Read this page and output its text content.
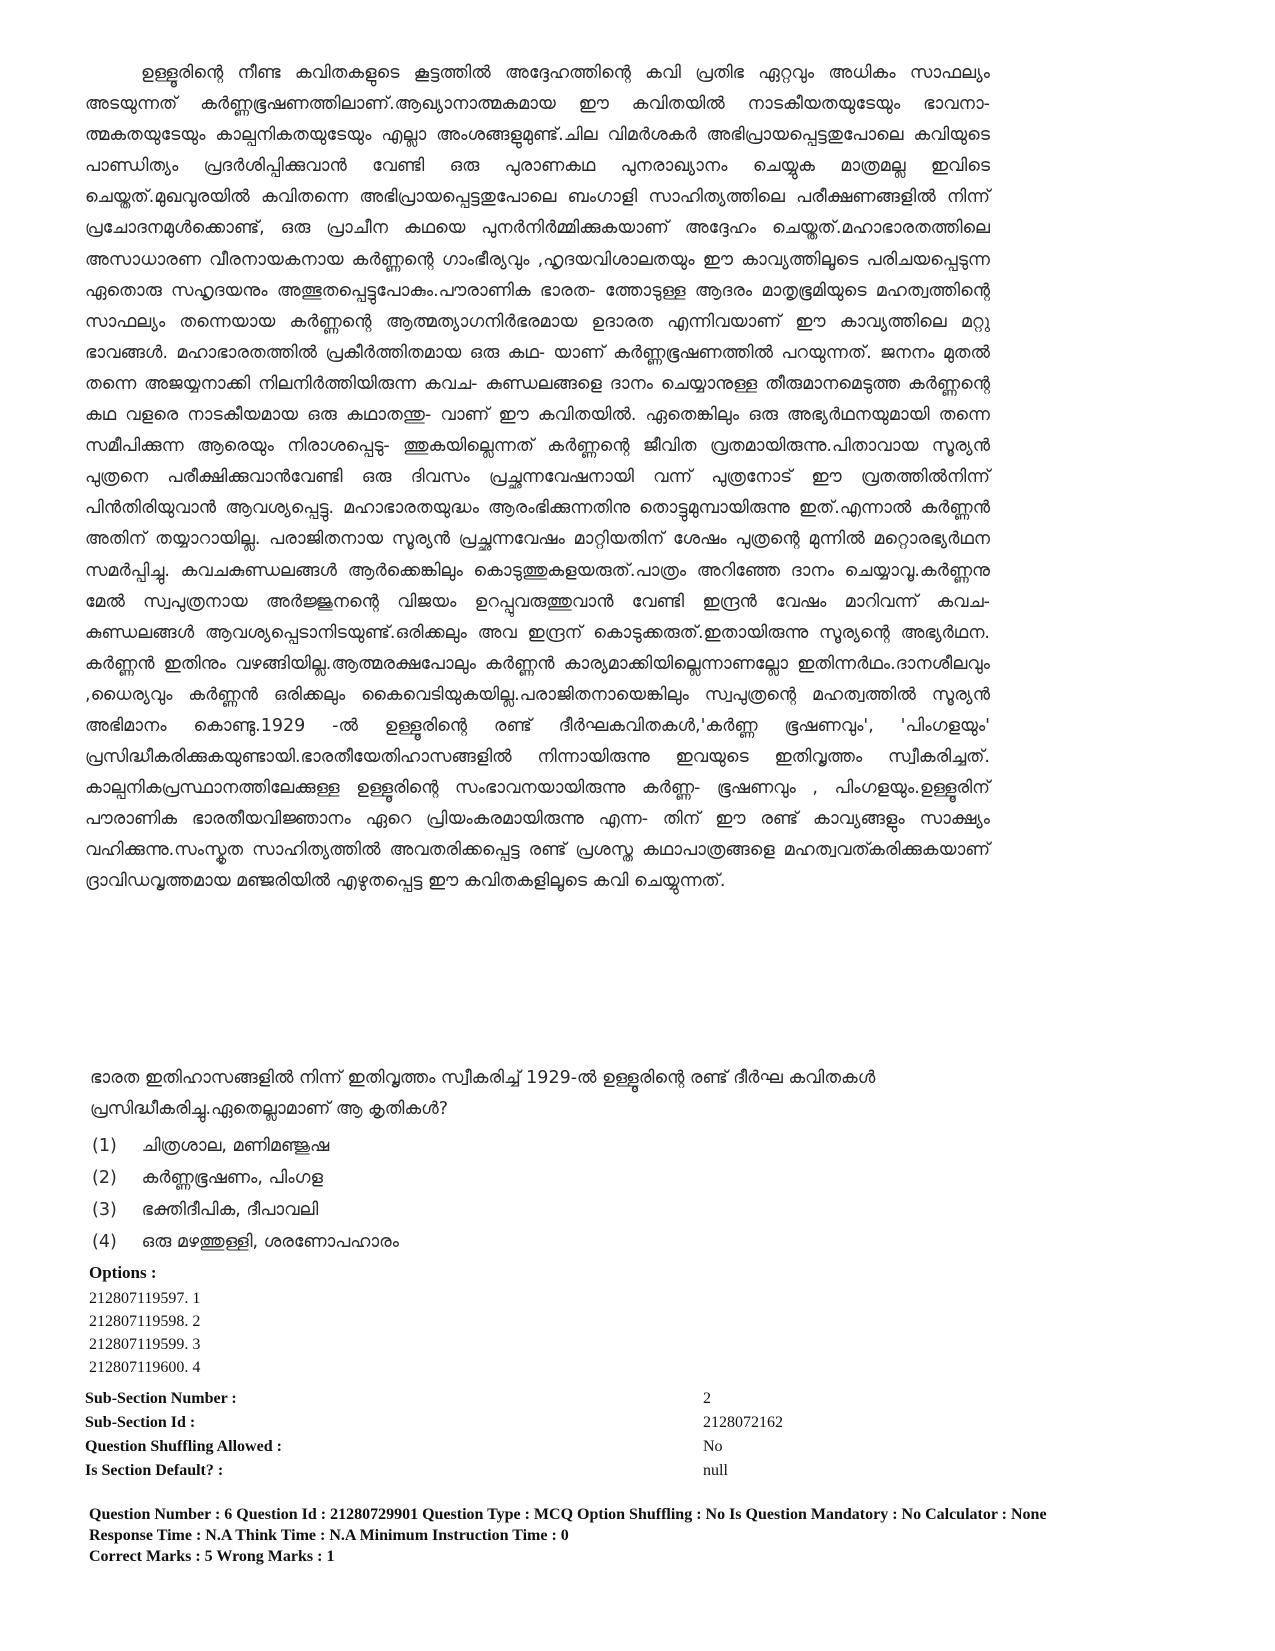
ഉള്ളൂരിന്റെ നീണ്ട കവിതകളുടെ കൂട്ടത്തിൽ അദ്ദേഹത്തിന്റെ കവി പ്രതിഭ ഏറ്റവും അധികം സാഫല്യം അടയുന്നത് കർണ്ണഭൂഷണത്തിലാണ്.ആഖ്യാനാത്മകമായ ഈ കവിതയിൽ നാടകീയതയുടേയും ഭാവനാ- ത്മകതയുടേയും കാല്പനികതയുടേയും എല്ലാ അംശങ്ങളുമുണ്ട്.ചില വിമർശകർ അഭിപ്രായപ്പെട്ടതുപോലെ കവിയുടെ പാണ്ഡിത്യം പ്രദർശിപ്പിക്കുവാൻ വേണ്ടി ഒരു പുരാണകഥ പുനരാഖ്യാനം ചെയ്യുക മാത്രമല്ല ഇവിടെ ചെയ്തത്.മുഖവുരയിൽ കവിതന്നെ അഭിപ്രായപ്പെട്ടതുപോലെ ബംഗാളി സാഹിത്യത്തിലെ പരീക്ഷണങ്ങളിൽ നിന്ന് പ്രചോദനമുൾക്കൊണ്ട്, ഒരു പ്രാചീന കഥയെ പുനർനിർമ്മിക്കുകയാണ് അദ്ദേഹം ചെയ്തത്.മഹാഭാരതത്തിലെ അസാധാരണ വീരനായകനായ കർണ്ണന്റെ ഗാംഭീര്യവും ,ഹൃദയവിശാലതയും ഈ കാവ്യത്തിലൂടെ പരിചയപ്പെടുന്ന ഏതൊരു സഹൃദയനും അത്ഭുതപ്പെട്ടുപോകും.പൗരാണിക ഭാരത- ത്തോടുള്ള ആദരം മാതൃഭൂമിയുടെ മഹത്വത്തിന്റെ സാഫല്യം തന്നെയായ കർണ്ണന്റെ ആത്മത്യാഗനിർഭരമായ ഉദാരത എന്നിവയാണ് ഈ കാവ്യത്തിലെ മറ്റു ഭാവങ്ങൾ. മഹാഭാരതത്തിൽ പ്രകീർത്തിതമായ ഒരു കഥ- യാണ് കർണ്ണഭൂഷണത്തിൽ പറയുന്നത്. ജനനം മുതൽ തന്നെ അജയ്യനാക്കി നിലനിർത്തിയിരുന്ന കവച- കുണ്ഡലങ്ങളെ ദാനം ചെയ്യാനുള്ള തീരുമാനമെടുത്ത കർണ്ണന്റെ കഥ വളരെ നാടകീയമായ ഒരു കഥാതന്തു- വാണ് ഈ കവിതയിൽ. ഏതെങ്കിലും ഒരു അഭ്യർഥനയുമായി തന്നെ സമീപിക്കുന്ന ആരെയും നിരാശപ്പെടു- ത്തുകയില്ലെന്നത് കർണ്ണന്റെ ജീവിത വ്രതമായിരുന്നു.പിതാവായ സൂര്യൻ പുത്രനെ പരീക്ഷിക്കുവാൻവേണ്ടി ഒരു ദിവസം പ്രച്ഛന്നവേഷനായി വന്ന് പുത്രനോട് ഈ വ്രതത്തിൽനിന്ന് പിൻതിരിയുവാൻ ആവശ്യപ്പെട്ടു. മഹാഭാരതയുദ്ധം ആരംഭിക്കുന്നതിനു തൊട്ടുമുമ്പായിരുന്നു ഇത്.എന്നാൽ കർണ്ണൻ അതിന് തയ്യാറായില്ല. പരാജിതനായ സൂര്യൻ പ്രച്ഛന്നവേഷം മാറ്റിയതിന് ശേഷം പുത്രന്റെ മുന്നിൽ മറ്റൊരഭ്യർഥന സമർപ്പിച്ചു. കവചകുണ്ഡലങ്ങൾ ആർക്കെങ്കിലും കൊടുത്തുകളയരുത്.പാത്രം അറിഞ്ഞേ ദാനം ചെയ്യാവൂ.കർണ്ണനു മേൽ സ്വപുത്രനായ അർജ്ജുനന്റെ വിജയം ഉറപ്പുവരുത്തുവാൻ വേണ്ടി ഇന്ദ്രൻ വേഷം മാറിവന്ന് കവച- കുണ്ഡലങ്ങൾ ആവശ്യപ്പെടാനിടയുണ്ട്.ഒരിക്കലും അവ ഇന്ദ്രന് കൊടുക്കരുത്.ഇതായിരുന്നു സൂര്യന്റെ അഭ്യർഥന. കർണ്ണൻ ഇതിനും വഴങ്ങിയില്ല.ആത്മരക്ഷപോലും കർണ്ണൻ കാര്യമാക്കിയില്ലെന്നാണല്ലോ ഇതിന്നർഥം.ദാനശീലവും ,ധൈര്യവും കർണ്ണൻ ഒരിക്കലും കൈവെടിയുകയില്ല.പരാജിതനായെങ്കിലും സ്വപുത്രന്റെ മഹത്വത്തിൽ സൂര്യൻ അഭിമാനം കൊണ്ടു.1929 -ൽ ഉള്ളൂരിന്റെ രണ്ട് ദീർഘകവിതകൾ,'കർണ്ണ ഭൂഷണവും', 'പിംഗളയും' പ്രസിദ്ധീകരിക്കുകയുണ്ടായി.ഭാരതീയേതിഹാസങ്ങളിൽ നിന്നായിരുന്നു ഇവയുടെ ഇതിവൃത്തം സ്വീകരിച്ചത്. കാല്പനികപ്രസ്ഥാനത്തിലേക്കുള്ള ഉള്ളൂരിന്റെ സംഭാവനയായിരുന്നു കർണ്ണ- ഭൂഷണവും , പിംഗളയും.ഉള്ളൂരിന് പൗരാണിക ഭാരതീയവിജ്ഞാനം ഏറെ പ്രിയംകരമായിരുന്നു എന്ന- തിന് ഈ രണ്ട് കാവ്യങ്ങളും സാക്ഷ്യം വഹിക്കുന്നു.സംസ്കൃത സാഹിത്യത്തിൽ അവതരിക്കപ്പെട്ട രണ്ട് പ്രശസ്ത കഥാപാത്രങ്ങളെ മഹത്വവത്കരിക്കുകയാണ് ദ്രാവിഡവൃത്തമായ മഞ്ജരിയിൽ എഴുതപ്പെട്ട ഈ കവിതകളിലൂടെ കവി ചെയ്യുന്നത്.

ഭാരത ഇതിഹാസങ്ങളിൽ നിന്ന് ഇതിവൃത്തം സ്വീകരിച്ച് 1929-ൽ ഉള്ളൂരിന്റെ രണ്ട് ദീർഘ കവിതകൾ പ്രസിദ്ധീകരിച്ചു.ഏതെല്ലാമാണ് ആ കൃതികൾ?
(1) ചിത്രശാല, മണിമഞ്ജുഷ
(2) കർണ്ണഭൂഷണം, പിംഗള
(3) ഭക്തിദീപിക, ദീപാവലി
(4) ഒരു മഴത്തുള്ളി, ശരണോപഹാരം
Options :
212807119597. 1
212807119598. 2
212807119599. 3
212807119600. 4
Sub-Section Number :	2
Sub-Section Id :	2128072162
Question Shuffling Allowed :	No
Is Section Default? :	null
Question Number : 6 Question Id : 21280729901 Question Type : MCQ Option Shuffling : No Is Question Mandatory : No Calculator : None
Response Time : N.A Think Time : N.A Minimum Instruction Time : 0
Correct Marks : 5 Wrong Marks : 1
